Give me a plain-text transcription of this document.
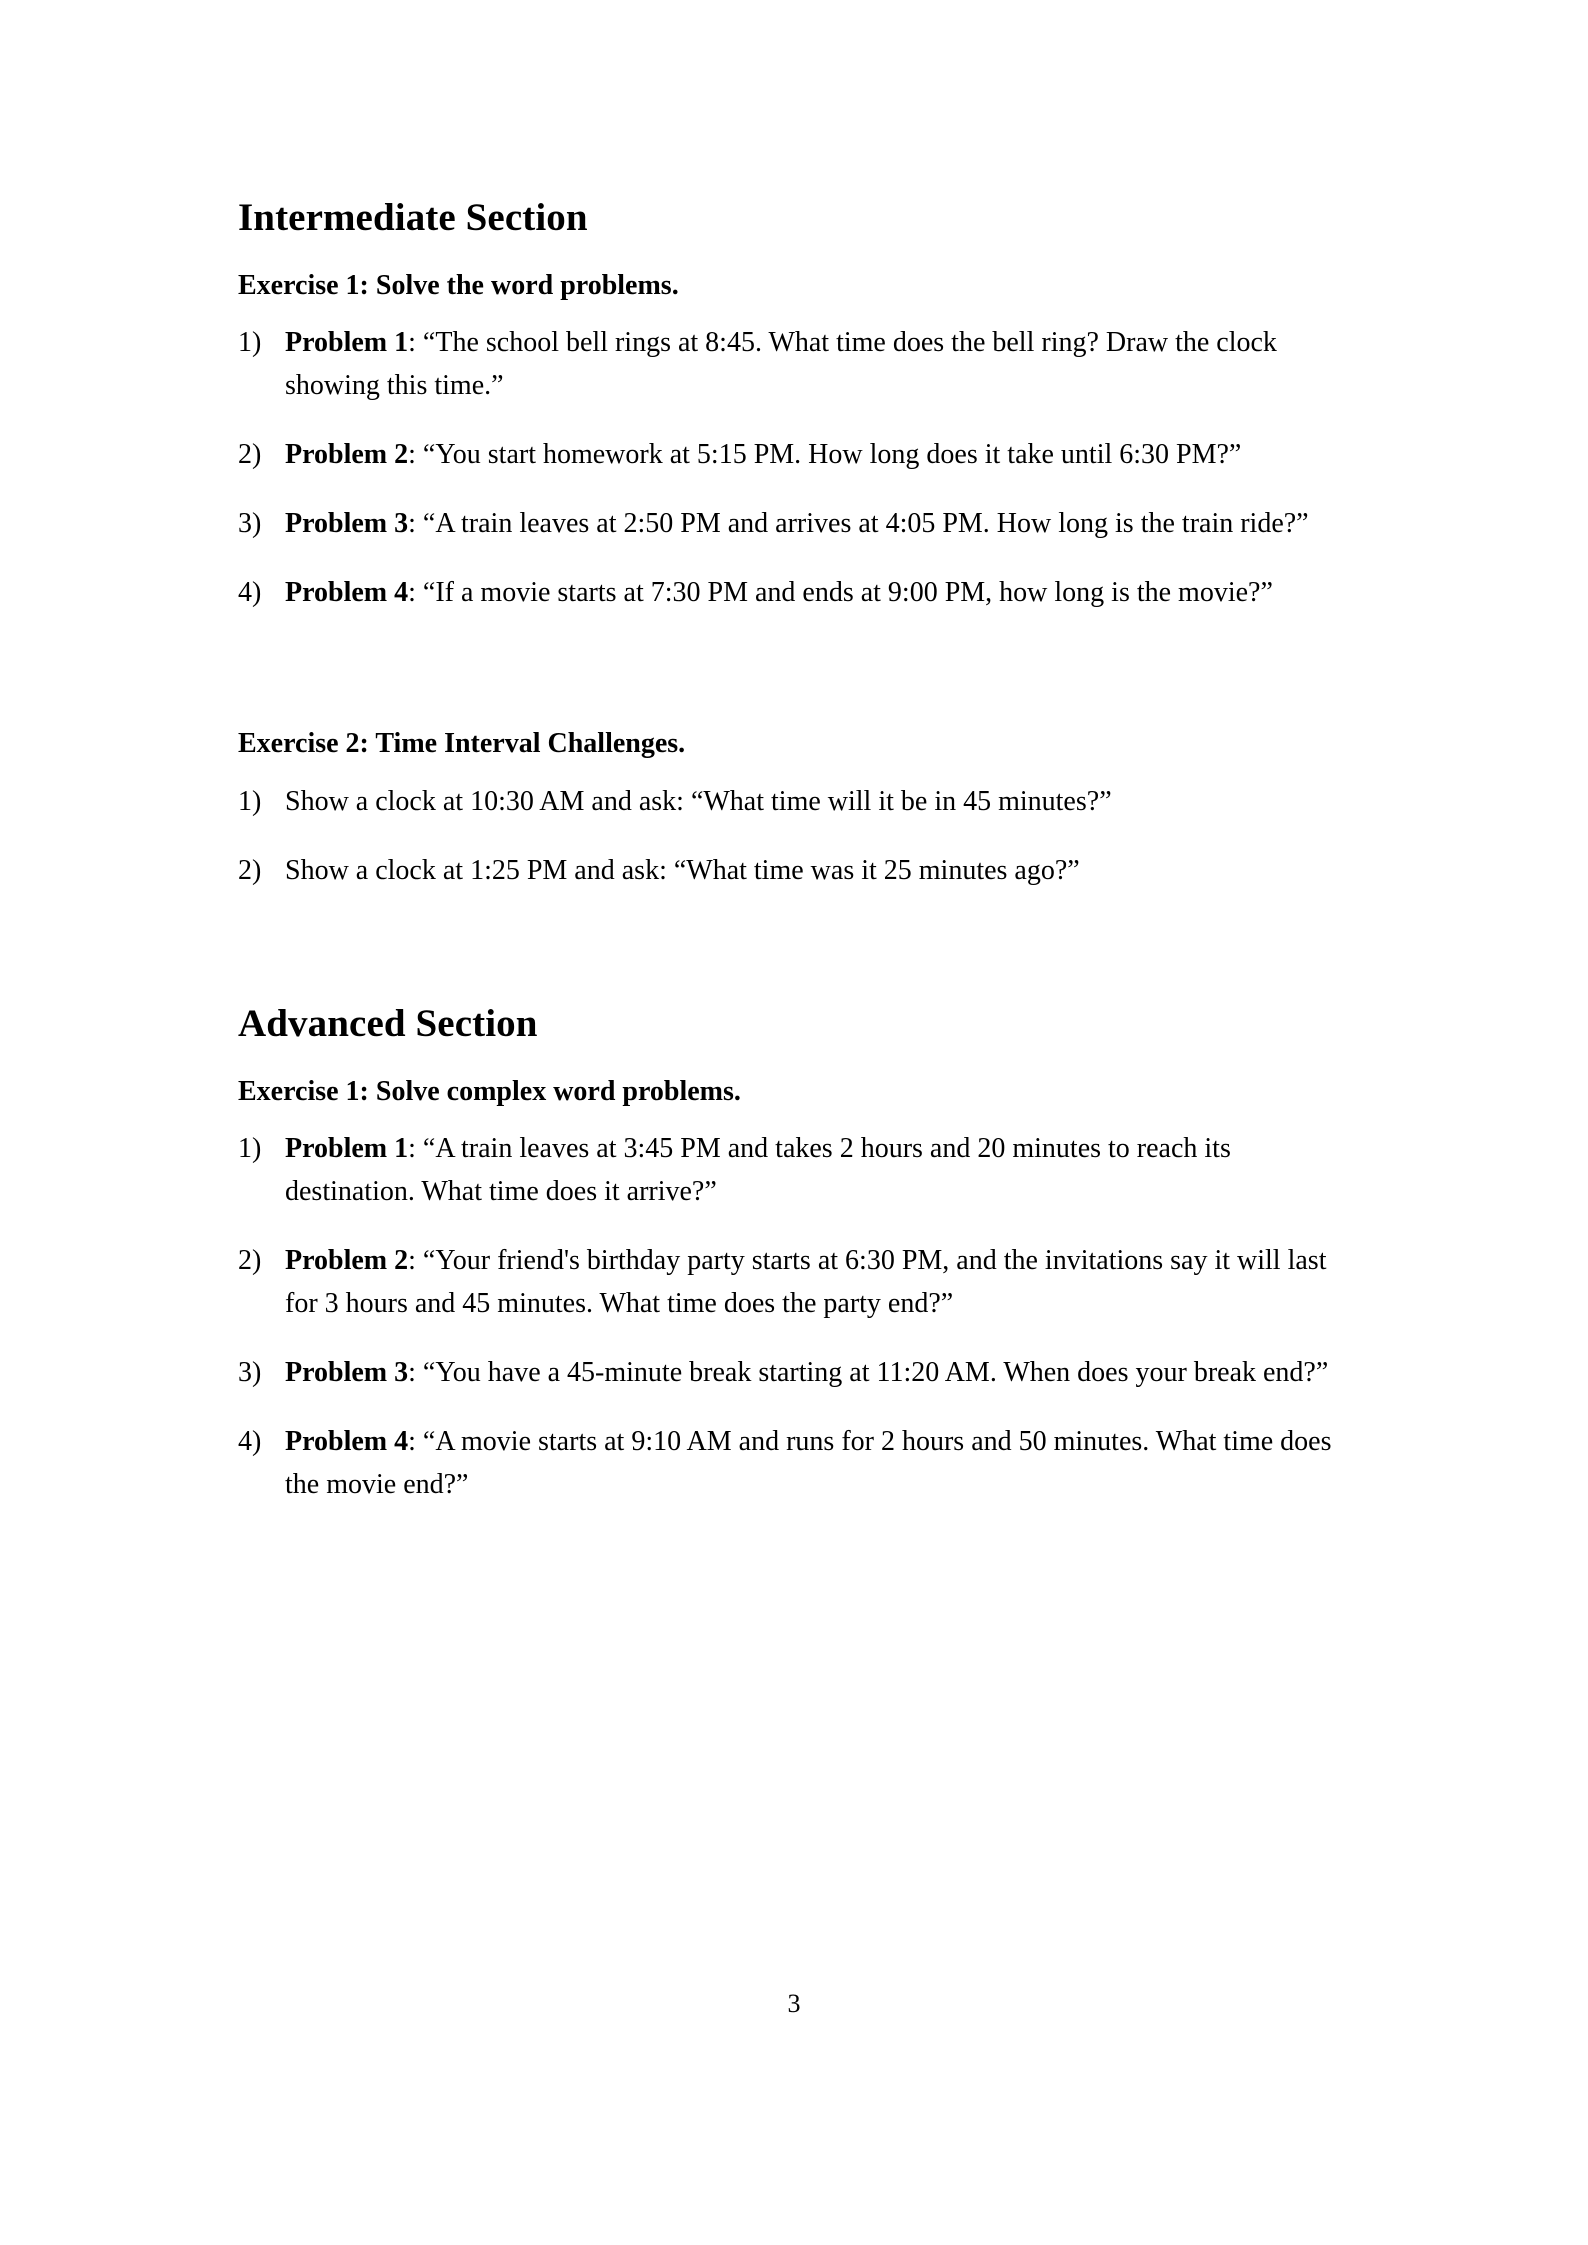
Intermediate Section
Exercise 1: Solve the word problems.
1) Problem 1: “The school bell rings at 8:45. What time does the bell ring? Draw the clock showing this time.”
2) Problem 2: “You start homework at 5:15 PM. How long does it take until 6:30 PM?”
3) Problem 3: “A train leaves at 2:50 PM and arrives at 4:05 PM. How long is the train ride?”
4) Problem 4: “If a movie starts at 7:30 PM and ends at 9:00 PM, how long is the movie?”
Exercise 2: Time Interval Challenges.
1) Show a clock at 10:30 AM and ask: “What time will it be in 45 minutes?”
2) Show a clock at 1:25 PM and ask: “What time was it 25 minutes ago?”
Advanced Section
Exercise 1: Solve complex word problems.
1) Problem 1: “A train leaves at 3:45 PM and takes 2 hours and 20 minutes to reach its destination. What time does it arrive?”
2) Problem 2: “Your friend's birthday party starts at 6:30 PM, and the invitations say it will last for 3 hours and 45 minutes. What time does the party end?”
3) Problem 3: “You have a 45-minute break starting at 11:20 AM. When does your break end?”
4) Problem 4: “A movie starts at 9:10 AM and runs for 2 hours and 50 minutes. What time does the movie end?”
3
